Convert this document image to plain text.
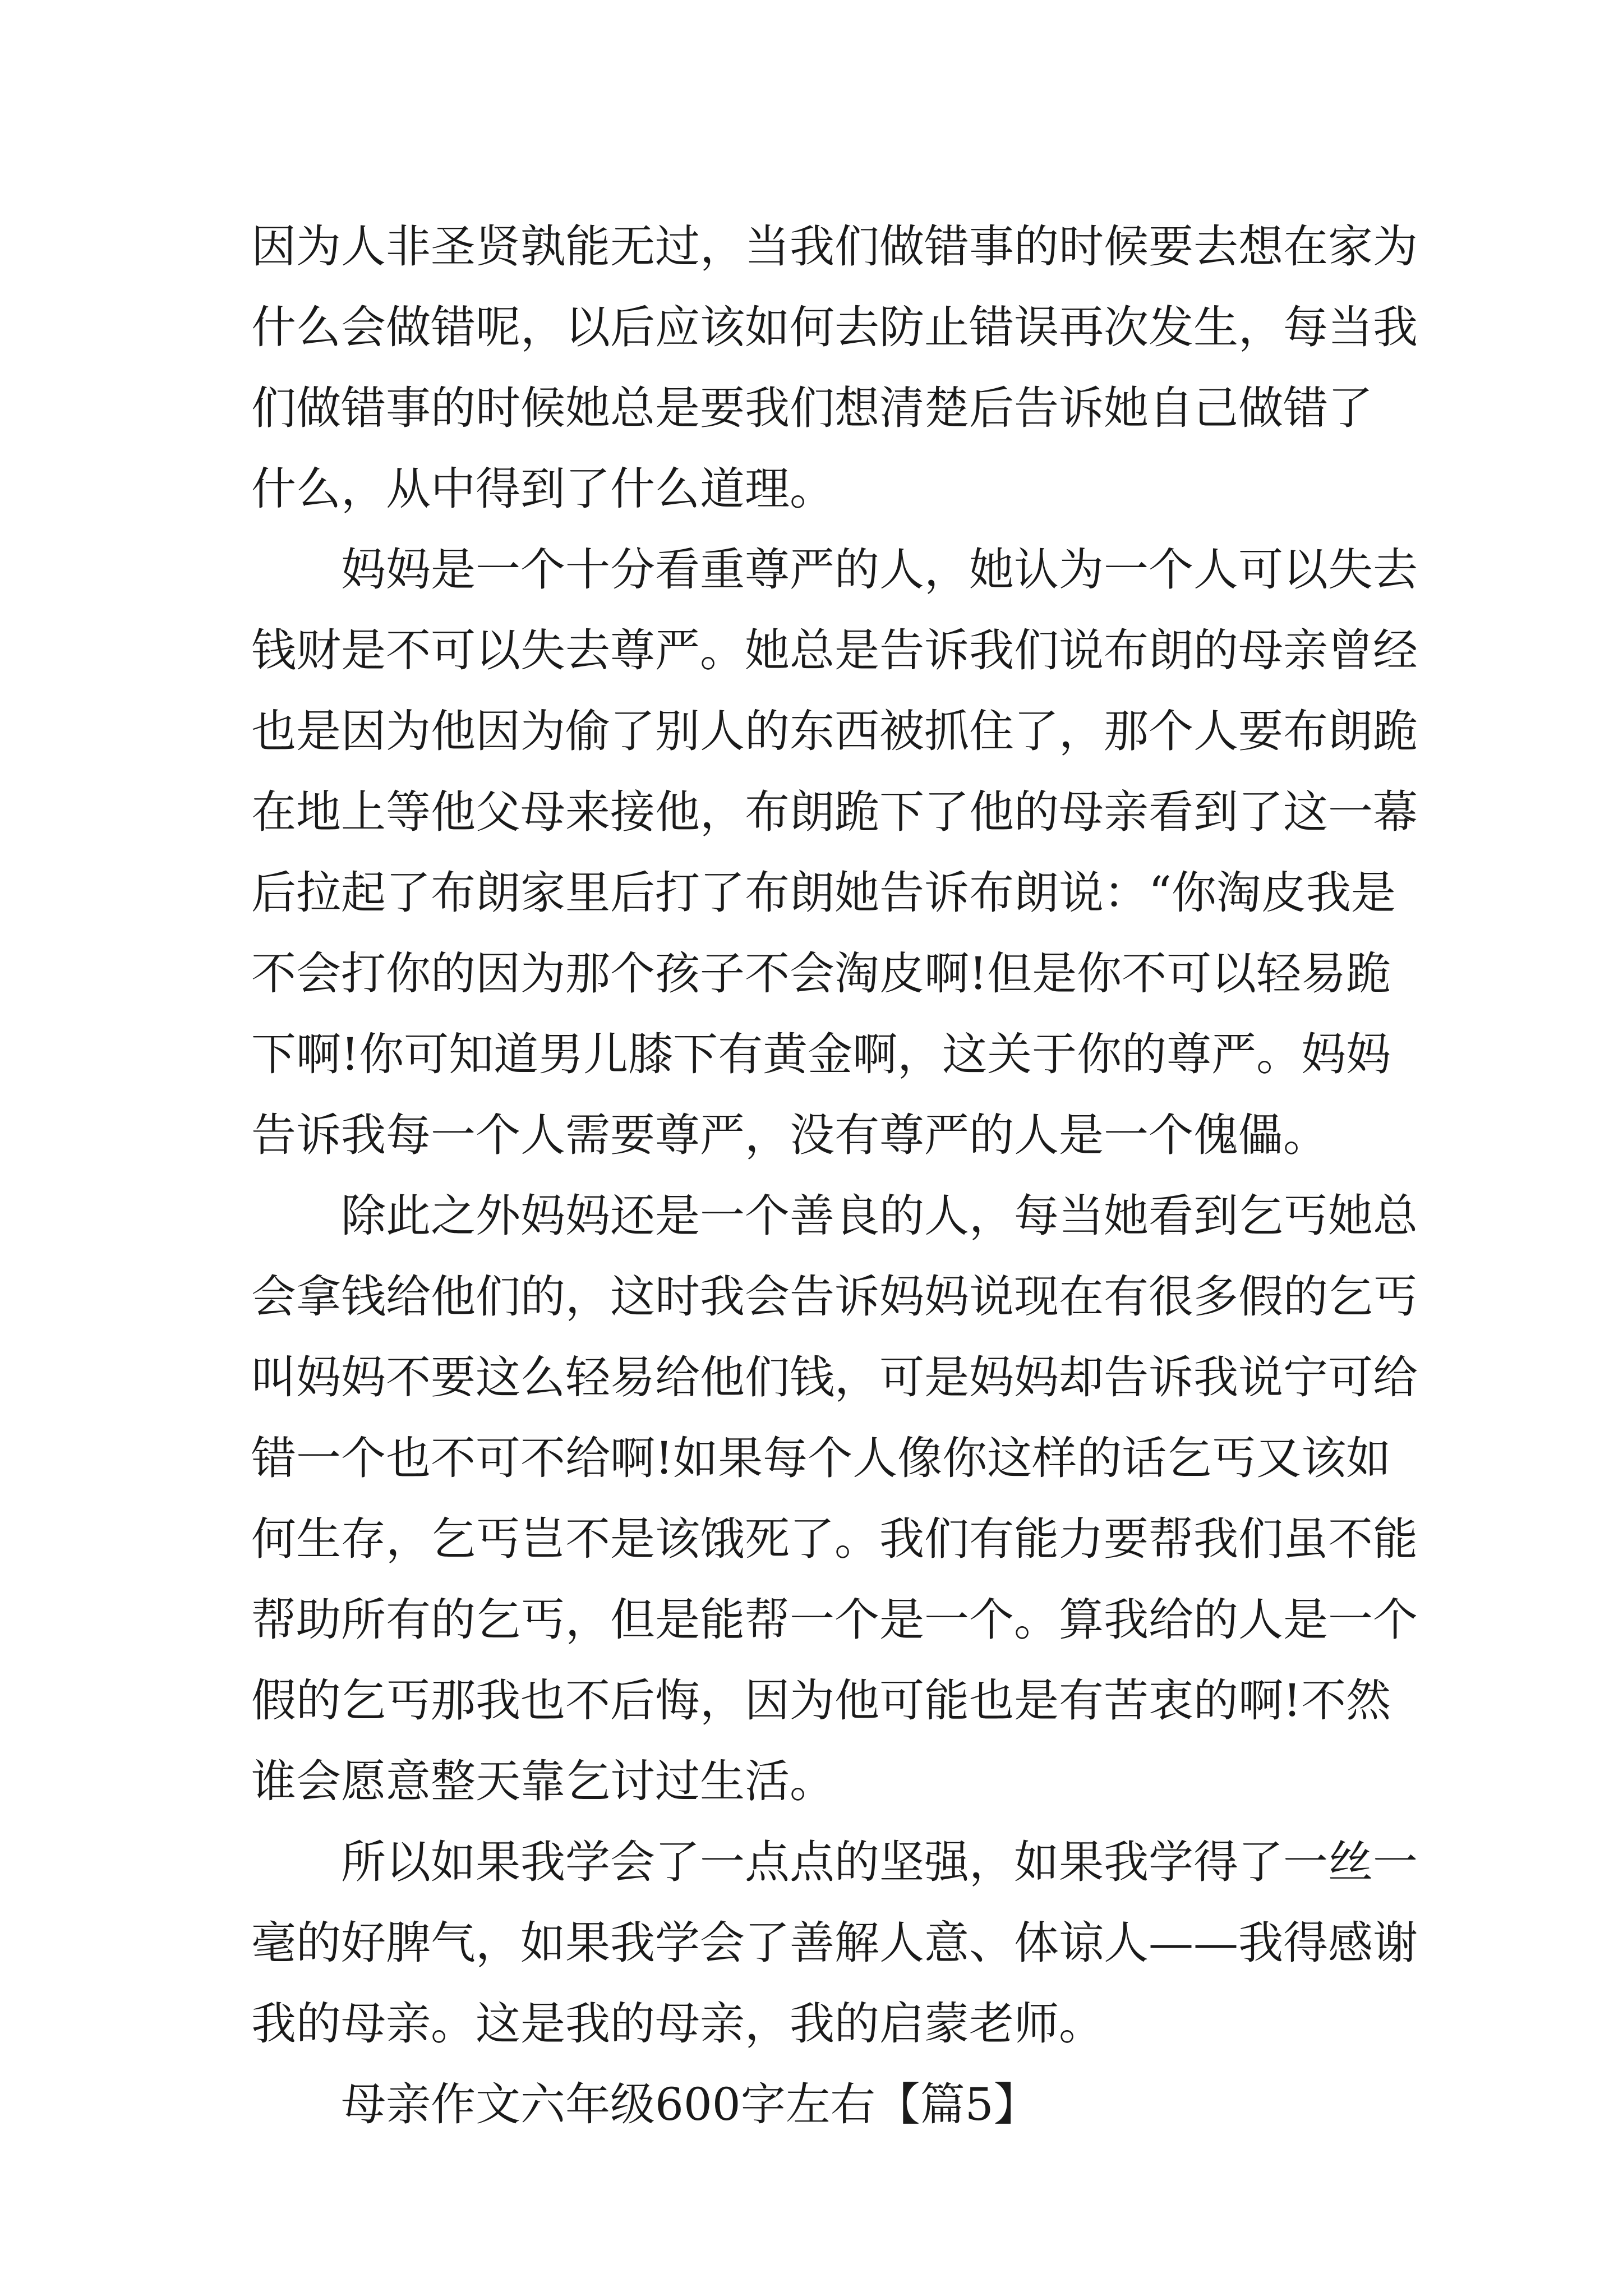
因为人非圣贤孰能无过，当我们做错事的时候要去想在家为
什么会做错呢，以后应该如何去防止错误再次发生，每当我
们做错事的时候她总是要我们想清楚后告诉她自己做错了
什么，从中得到了什么道理。
妈妈是一个十分看重尊严的人，她认为一个人可以失去
钱财是不可以失去尊严。她总是告诉我们说布朗的母亲曾经
也是因为他因为偷了别人的东西被抓住了，那个人要布朗跪
在地上等他父母来接他，布朗跪下了他的母亲看到了这一幕
后拉起了布朗家里后打了布朗她告诉布朗说：“你淘皮我是
不会打你的因为那个孩子不会淘皮啊!但是你不可以轻易跪
下啊!你可知道男儿膝下有黄金啊，这关于你的尊严。妈妈
告诉我每一个人需要尊严，没有尊严的人是一个傀儡。
除此之外妈妈还是一个善良的人，每当她看到乞丐她总
会拿钱给他们的，这时我会告诉妈妈说现在有很多假的乞丐
叫妈妈不要这么轻易给他们钱，可是妈妈却告诉我说宁可给
错一个也不可不给啊!如果每个人像你这样的话乞丐又该如
何生存，乞丐岂不是该饿死了。我们有能力要帮我们虽不能
帮助所有的乞丐，但是能帮一个是一个。算我给的人是一个
假的乞丐那我也不后悔，因为他可能也是有苦衷的啊!不然
谁会愿意整天靠乞讨过生活。
所以如果我学会了一点点的坚强，如果我学得了一丝一
毫的好脾气，如果我学会了善解人意、体谅人——我得感谢
我的母亲。这是我的母亲，我的启蒙老师。
母亲作文六年级600字左右【篇5】
